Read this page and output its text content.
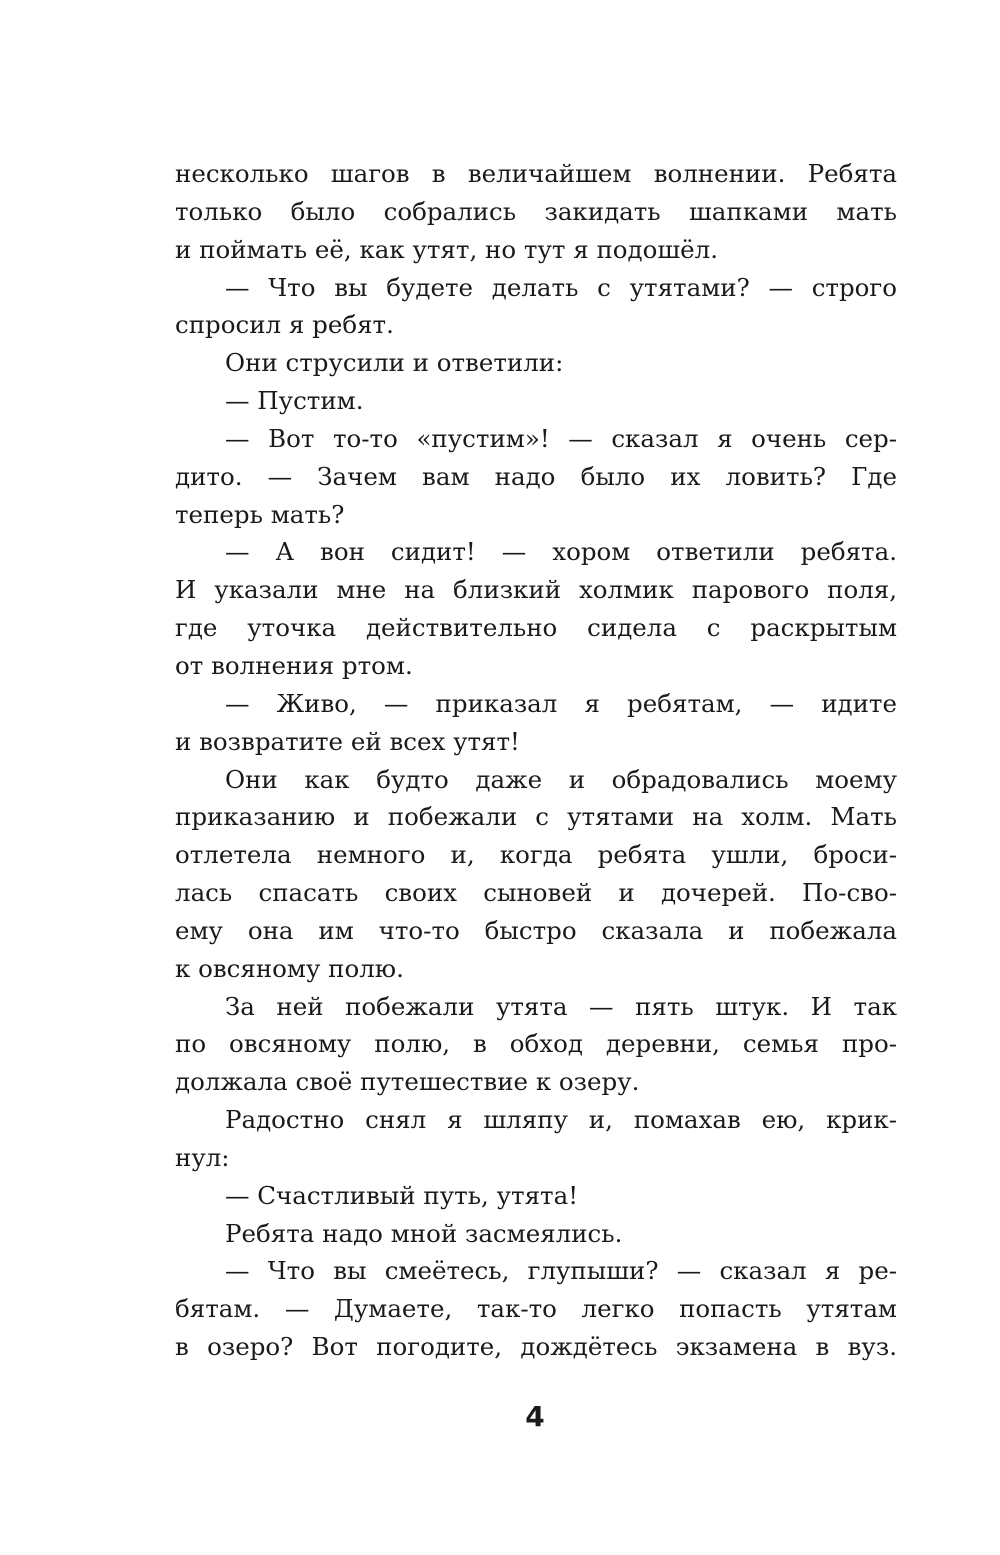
несколько шагов в величайшем волнении. Ребята
только было собрались закидать шапками мать
и поймать её, как утят, но тут я подошёл.
— Что вы будете делать с утятами? — строго
спросил я ребят.
Они струсили и ответили:
— Пустим.
— Вот то-то «пустим»! — сказал я очень сер-
дито. — Зачем вам надо было их ловить? Где
теперь мать?
— А вон сидит! — хором ответили ребята.
И указали мне на близкий холмик парового поля,
где уточка действительно сидела с раскрытым
от волнения ртом.
— Живо, — приказал я ребятам, — идите
и возвратите ей всех утят!
Они как будто даже и обрадовались моему
приказанию и побежали с утятами на холм. Мать
отлетела немного и, когда ребята ушли, броси-
лась спасать своих сыновей и дочерей. По-сво-
ему она им что-то быстро сказала и побежала
к овсяному полю.
За ней побежали утята — пять штук. И так
по овсяному полю, в обход деревни, семья про-
должала своё путешествие к озеру.
Радостно снял я шляпу и, помахав ею, крик-
нул:
— Счастливый путь, утята!
Ребята надо мной засмеялись.
— Что вы смеётесь, глупыши? — сказал я ре-
бятам. — Думаете, так-то легко попасть утятам
в озеро? Вот погодите, дождётесь экзамена в вуз.
4
